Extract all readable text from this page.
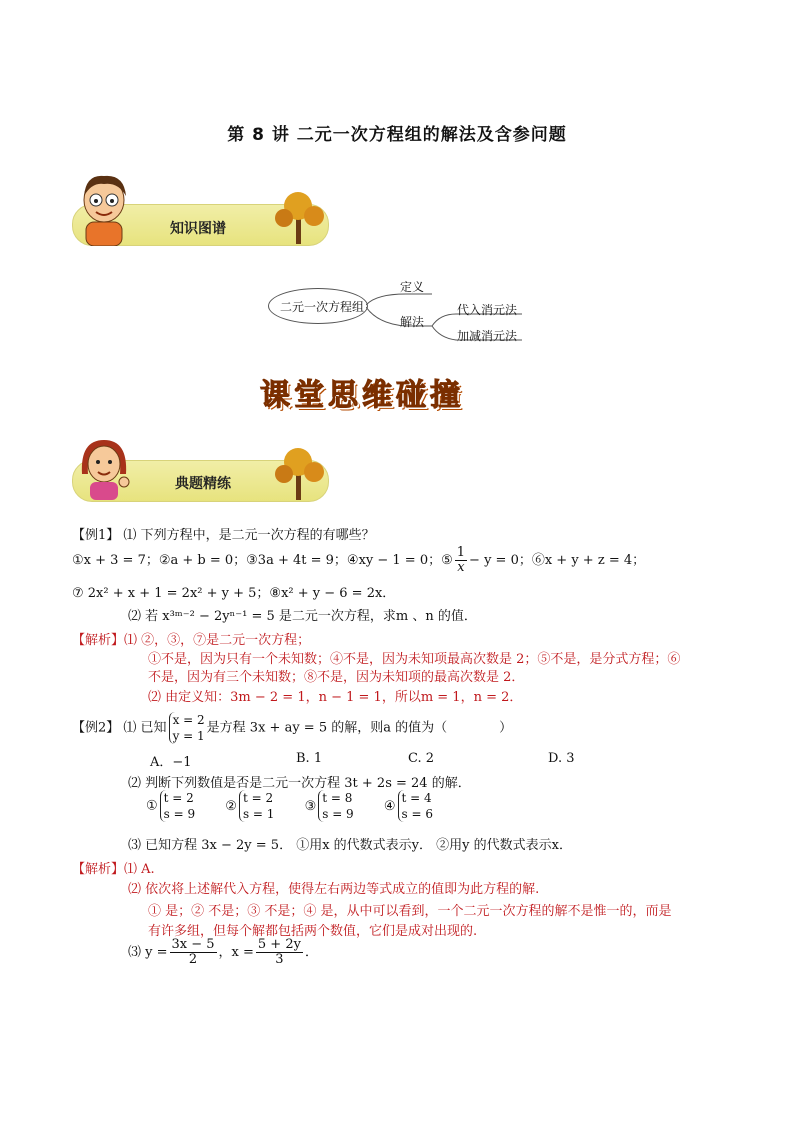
第 8 讲 二元一次方程组的解法及含参问题
知识图谱
二元一次方程组
定义
解法
代入消元法
加减消元法
课堂思维碰撞
典题精练
【例1】 ⑴ 下列方程中，是二元一次方程的有哪些？
①x + 3 = 7；②a + b = 0；③3a + 4t = 9；④xy − 1 = 0；⑤ $\frac{1}{x} - y = 0$；⑥x + y + z = 4；
⑦ 2x² + x + 1 = 2x² + y + 5；⑧x² + y − 6 = 2x．
⑵ 若 x³ᵐ⁻² − 2yⁿ⁻¹ = 5 是二元一次方程，求m 、n 的值．
【解析】⑴ ②，③，⑦是二元一次方程；
①不是，因为只有一个未知数；④不是，因为未知项最高次数是 2；⑤不是，是分式方程；⑥
不是，因为有三个未知数；⑧不是，因为未知项的最高次数是 2．
⑵ 由定义知：3m − 2 = 1，n − 1 = 1，所以m = 1，n = 2．
【例2】 ⑴ 已知
x = 2
y = 1
是方程 3x + ay = 5 的解，则a 的值为（　　　　）
A．−1	B. 1	C. 2	D. 3
⑵ 判断下列数值是否是二元一次方程 3t + 2s = 24 的解．
①
t = 2
s = 9
②
t = 2
s = 1
③
t = 8
s = 9
④
t = 4
s = 6
⑶ 已知方程 3x − 2y = 5． ①用x 的代数式表示y． ②用y 的代数式表示x．
【解析】⑴ A.
⑵ 依次将上述解代入方程，使得左右两边等式成立的值即为此方程的解.
① 是；② 不是；③ 不是；④ 是，从中可以看到，一个二元一次方程的解不是惟一的，而是
有许多组，但每个解都包括两个数值，它们是成对出现的.
⑶ $y = \frac{3x - 5}{2}$ ，$x = \frac{5 + 2y}{3}$ ．
